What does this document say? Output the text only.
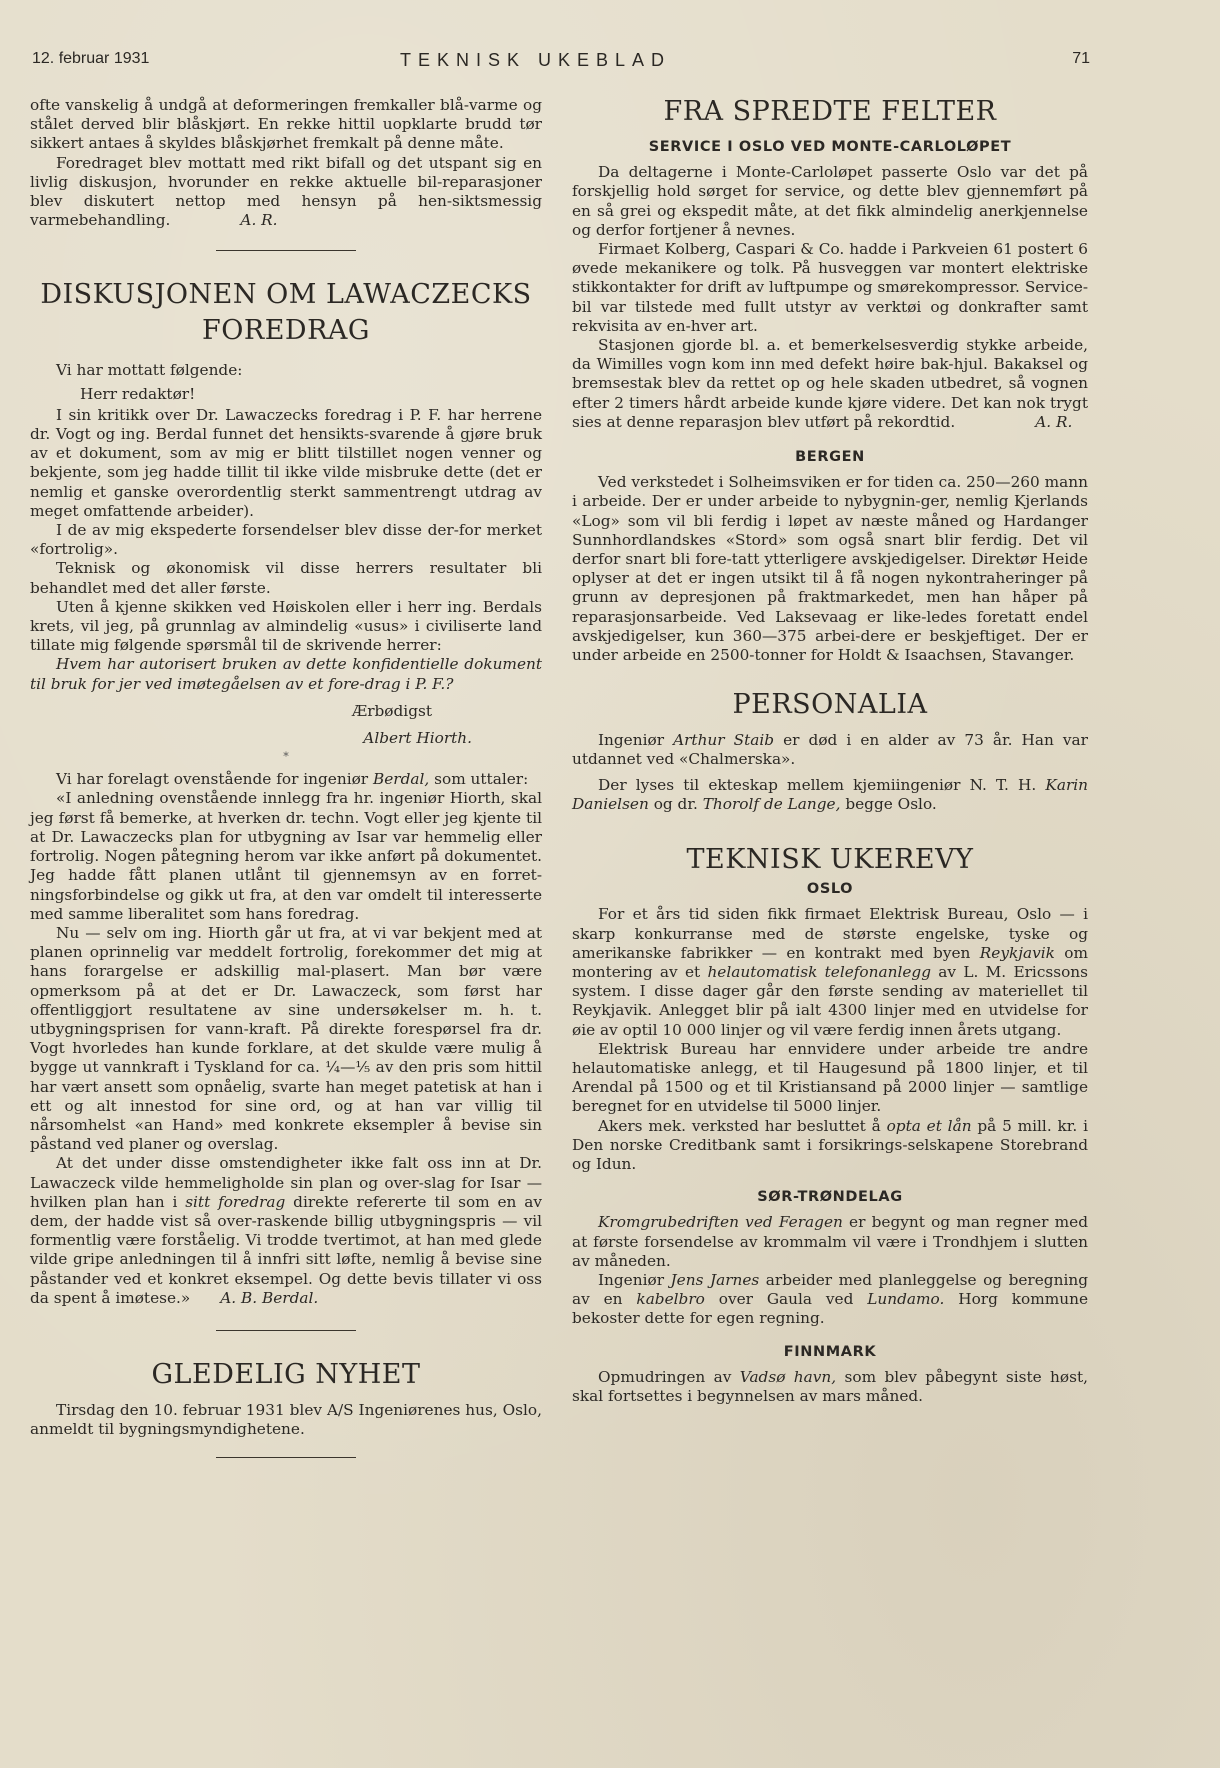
12. februar 1931	TEKNISK UKEBLAD	71

ofte vanskelig å undgå at deformeringen fremkaller blå-varme og stålet derved blir blåskjørt. En rekke hittil uopklarte brudd tør sikkert antaes å skyldes blåskjørhet fremkalt på denne måte.

Foredraget blev mottatt med rikt bifall og det utspant sig en livlig diskusjon, hvorunder en rekke aktuelle bil-reparasjoner blev diskutert nettop med hensyn på hen-siktsmessig varmebehandling.	A. R.

DISKUSJONEN OM LAWACZECKS FOREDRAG

Vi har mottatt følgende:

Herr redaktør!

I sin kritikk over Dr. Lawaczecks foredrag i P. F. har herrene dr. Vogt og ing. Berdal funnet det hensikts-svarende å gjøre bruk av et dokument, som av mig er blitt tilstillet nogen venner og bekjente, som jeg hadde tillit til ikke vilde misbruke dette (det er nemlig et ganske overordentlig sterkt sammentrengt utdrag av meget omfattende arbeider).

I de av mig ekspederte forsendelser blev disse der-for merket «fortrolig».

Teknisk og økonomisk vil disse herrers resultater bli behandlet med det aller første.

Uten å kjenne skikken ved Høiskolen eller i herr ing. Berdals krets, vil jeg, på grunnlag av almindelig «usus» i civiliserte land tillate mig følgende spørsmål til de skrivende herrer:

Hvem har autorisert bruken av dette konfidentielle dokument til bruk for jer ved imøtegåelsen av et fore-drag i P. F.?

Ærbødigst

Albert Hiorth.

*

Vi har forelagt ovenstående for ingeniør Berdal, som uttaler:

«I anledning ovenstående innlegg fra hr. ingeniør Hiorth, skal jeg først få bemerke, at hverken dr. techn. Vogt eller jeg kjente til at Dr. Lawaczecks plan for utbygning av Isar var hemmelig eller fortrolig. Nogen påtegning herom var ikke anført på dokumentet. Jeg hadde fått planen utlånt til gjennemsyn av en forret-ningsforbindelse og gikk ut fra, at den var omdelt til interesserte med samme liberalitet som hans foredrag.

Nu — selv om ing. Hiorth går ut fra, at vi var bekjent med at planen oprinnelig var meddelt fortrolig, forekommer det mig at hans forargelse er adskillig mal-plasert. Man bør være opmerksom på at det er Dr. Lawaczeck, som først har offentliggjort resultatene av sine undersøkelser m. h. t. utbygningsprisen for vann-kraft. På direkte forespørsel fra dr. Vogt hvorledes han kunde forklare, at det skulde være mulig å bygge ut vannkraft i Tyskland for ca. ¼—⅕ av den pris som hittil har vært ansett som opnåelig, svarte han meget patetisk at han i ett og alt innestod for sine ord, og at han var villig til nårsomhelst «an Hand» med konkrete eksempler å bevise sin påstand ved planer og overslag.

At det under disse omstendigheter ikke falt oss inn at Dr. Lawaczeck vilde hemmeligholde sin plan og over-slag for Isar — hvilken plan han i sitt foredrag direkte refererte til som en av dem, der hadde vist så over-raskende billig utbygningspris — vil formentlig være forståelig. Vi trodde tvertimot, at han med glede vilde gripe anledningen til å innfri sitt løfte, nemlig å bevise sine påstander ved et konkret eksempel. Og dette bevis tillater vi oss da spent å imøtese.» A. B. Berdal.

GLEDELIG NYHET

Tirsdag den 10. februar 1931 blev A/S Ingeniørenes hus, Oslo, anmeldt til bygningsmyndighetene.

FRA SPREDTE FELTER
SERVICE I OSLO VED MONTE-CARLOLØPET

Da deltagerne i Monte-Carloløpet passerte Oslo var det på forskjellig hold sørget for service, og dette blev gjennemført på en så grei og ekspedit måte, at det fikk almindelig anerkjennelse og derfor fortjener å nevnes.

Firmaet Kolberg, Caspari & Co. hadde i Parkveien 61 postert 6 øvede mekanikere og tolk. På husveggen var montert elektriske stikkontakter for drift av luftpumpe og smørekompressor. Service-bil var tilstede med fullt utstyr av verktøi og donkrafter samt rekvisita av en-hver art.

Stasjonen gjorde bl. a. et bemerkelsesverdig stykke arbeide, da Wimilles vogn kom inn med defekt høire bak-hjul. Bakaksel og bremsestak blev da rettet op og hele skaden utbedret, så vognen efter 2 timers hårdt arbeide kunde kjøre videre. Det kan nok trygt sies at denne reparasjon blev utført på rekordtid.	A. R.

BERGEN

Ved verkstedet i Solheimsviken er for tiden ca. 250—260 mann i arbeide. Der er under arbeide to nybygnin-ger, nemlig Kjerlands «Log» som vil bli ferdig i løpet av næste måned og Hardanger Sunnhordlandskes «Stord» som også snart blir ferdig. Det vil derfor snart bli fore-tatt ytterligere avskjedigelser. Direktør Heide oplyser at det er ingen utsikt til å få nogen nykontraheringer på grunn av depresjonen på fraktmarkedet, men han håper på reparasjonsarbeide. Ved Laksevaag er like-ledes foretatt endel avskjedigelser, kun 360—375 arbei-dere er beskjeftiget. Der er under arbeide en 2500-tonner for Holdt & Isaachsen, Stavanger.

PERSONALIA

Ingeniør Arthur Staib er død i en alder av 73 år. Han var utdannet ved «Chalmerska».

Der lyses til ekteskap mellem kjemiingeniør N. T. H. Karin Danielsen og dr. Thorolf de Lange, begge Oslo.

TEKNISK UKEREVY
OSLO

For et års tid siden fikk firmaet Elektrisk Bureau, Oslo — i skarp konkurranse med de største engelske, tyske og amerikanske fabrikker — en kontrakt med byen Reykjavik om montering av et helautomatisk telefonanlegg av L. M. Ericssons system. I disse dager går den første sending av materiellet til Reykjavik. Anlegget blir på ialt 4300 linjer med en utvidelse for øie av optil 10 000 linjer og vil være ferdig innen årets utgang.

Elektrisk Bureau har ennvidere under arbeide tre andre helautomatiske anlegg, et til Haugesund på 1800 linjer, et til Arendal på 1500 og et til Kristiansand på 2000 linjer — samtlige beregnet for en utvidelse til 5000 linjer.

Akers mek. verksted har besluttet å opta et lån på 5 mill. kr. i Den norske Creditbank samt i forsikrings-selskapene Storebrand og Idun.

SØR-TRØNDELAG

Kromgrubedriften ved Feragen er begynt og man regner med at første forsendelse av krommalm vil være i Trondhjem i slutten av måneden.

Ingeniør Jens Jarnes arbeider med planleggelse og beregning av en kabelbro over Gaula ved Lundamo. Horg kommune bekoster dette for egen regning.

FINNMARK

Opmudringen av Vadsø havn, som blev påbegynt siste høst, skal fortsettes i begynnelsen av mars måned.
